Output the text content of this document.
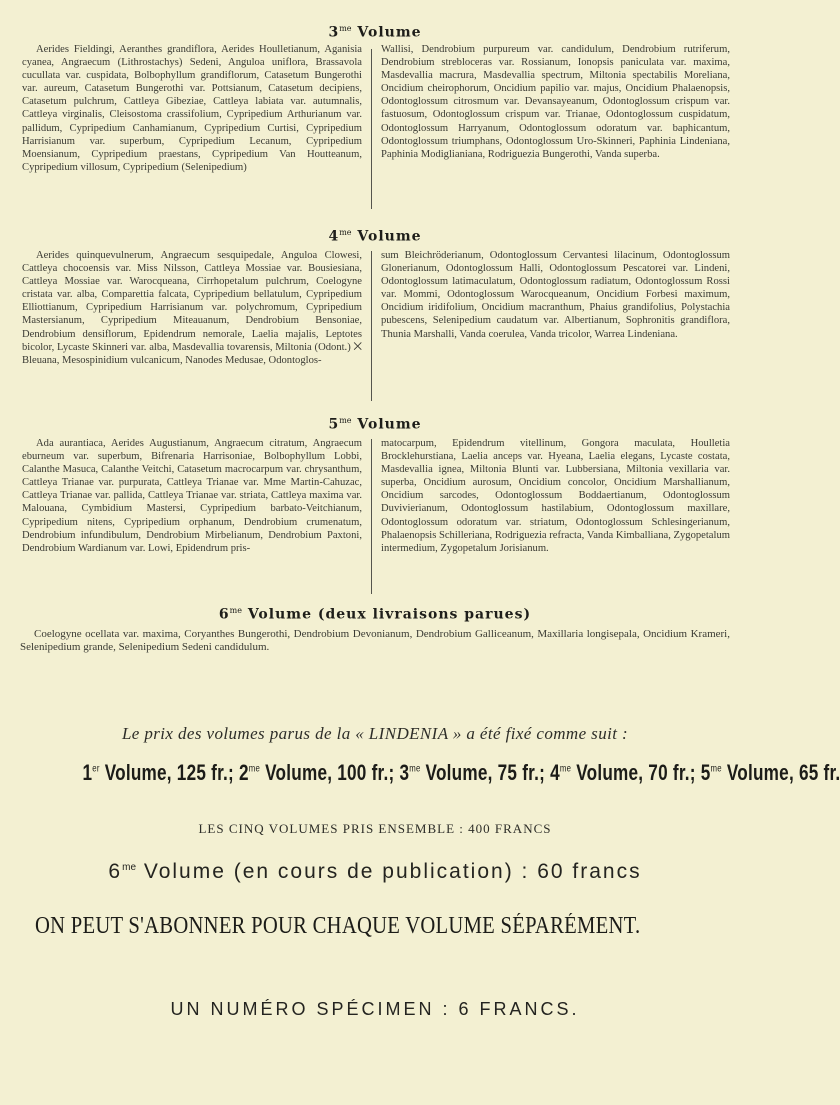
$3^{me}$ Volume
Aerides Fieldingi, Aeranthes grandiflora, Aerides Houlletianum, Aganisia cyanea, Angraecum (Lithrostachys) Sedeni, Anguloa uniflora, Brassavola cucullata var. cuspidata, Bolbophyllum grandiflorum, Catasetum Bungerothi var. aureum, Catasetum Bungerothi var. Pottsianum, Catasetum decipiens, Catasetum pulchrum, Cattleya Gibeziae, Cattleya labiata var. autumnalis, Cattleya virginalis, Cleisostoma crassifolium, Cypripedium Arthurianum var. pallidum, Cypripedium Canhamianum, Cypripedium Curtisi, Cypripedium Harrisianum var. superbum, Cypripedium Lecanum, Cypripedium Moensianum, Cypripedium praestans, Cypripedium Van Houtteanum, Cypripedium villosum, Cypripedium (Selenipedium)
Wallisi, Dendrobium purpureum var. candidulum, Dendrobium rutriferum, Dendrobium strebloceras var. Rossianum, Ionopsis paniculata var. maxima, Masdevallia macrura, Masdevallia spectrum, Miltonia spectabilis Moreliana, Oncidium cheirophorum, Oncidium papilio var. majus, Oncidium Phalaenopsis, Odontoglossum citrosmum var. Devansayeanum, Odontoglossum crispum var. fastuosum, Odontoglossum crispum var. Trianae, Odontoglossum cuspidatum, Odontoglossum Harryanum, Odontoglossum odoratum var. baphicantum, Odontoglossum triumphans, Odontoglossum Uro-Skinneri, Paphinia Lindeniana, Paphinia Modiglianiana, Rodriguezia Bungerothi, Vanda superba.
$4^{me}$ Volume
Aerides quinquevulnerum, Angraecum sesquipedale, Anguloa Clowesi, Cattleya chocoensis var. Miss Nilsson, Cattleya Mossiae var. Bousiesiana, Cattleya Mossiae var. Warocqueana, Cirrhopetalum pulchrum, Coelogyne cristata var. alba, Comparettia falcata, Cypripedium bellatulum, Cypripedium Elliottianum, Cypripedium Harrisianum var. polychromum, Cypripedium Mastersianum, Cypripedium Miteauanum, Dendrobium Bensoniae, Dendrobium densiflorum, Epidendrum nemorale, Laelia majalis, Leptotes bicolor, Lycaste Skinneri var. alba, Masdevallia tovarensis, Miltonia (Odont.) ⨉ Bleuana, Mesospinidium vulcanicum, Nanodes Medusae, Odontoglos-
sum Bleichröderianum, Odontoglossum Cervantesi lilacinum, Odontoglossum Glonerianum, Odontoglossum Halli, Odontoglossum Pescatorei var. Lindeni, Odontoglossum latimaculatum, Odontoglossum radiatum, Odontoglossum Rossi var. Mommi, Odontoglossum Warocqueanum, Oncidium Forbesi maximum, Oncidium iridifolium, Oncidium macranthum, Phaius grandifolius, Polystachia pubescens, Selenipedium caudatum var. Albertianum, Sophronitis grandiflora, Thunia Marshalli, Vanda coerulea, Vanda tricolor, Warrea Lindeniana.
$5^{me}$ Volume
Ada aurantiaca, Aerides Augustianum, Angraecum citratum, Angraecum eburneum var. superbum, Bifrenaria Harrisoniae, Bolbophyllum Lobbi, Calanthe Masuca, Calanthe Veitchi, Catasetum macrocarpum var. chrysanthum, Cattleya Trianae var. purpurata, Cattleya Trianae var. Mme Martin-Cahuzac, Cattleya Trianae var. pallida, Cattleya Trianae var. striata, Cattleya maxima var. Malouana, Cymbidium Mastersi, Cypripedium barbato-Veitchianum, Cypripedium nitens, Cypripedium orphanum, Dendrobium crumenatum, Dendrobium infundibulum, Dendrobium Mirbelianum, Dendrobium Paxtoni, Dendrobium Wardianum var. Lowi, Epidendrum pris-
matocarpum, Epidendrum vitellinum, Gongora maculata, Houlletia Brocklehurstiana, Laelia anceps var. Hyeana, Laelia elegans, Lycaste costata, Masdevallia ignea, Miltonia Blunti var. Lubbersiana, Miltonia vexillaria var. superba, Oncidium aurosum, Oncidium concolor, Oncidium Marshallianum, Oncidium sarcodes, Odontoglossum Boddaertianum, Odontoglossum Duvivierianum, Odontoglossum hastilabium, Odontoglossum maxillare, Odontoglossum odoratum var. striatum, Odontoglossum Schlesingerianum, Phalaenopsis Schilleriana, Rodriguezia refracta, Vanda Kimballiana, Zygopetalum intermedium, Zygopetalum Jorisianum.
$6^{me}$ Volume (deux livraisons parues)
Coelogyne ocellata var. maxima, Coryanthes Bungerothi, Dendrobium Devonianum, Dendrobium Galliceanum, Maxillaria longisepala, Oncidium Krameri, Selenipedium grande, Selenipedium Sedeni candidulum.
Le prix des volumes parus de la « LINDENIA » a été fixé comme suit :
1er Volume, 125 fr.; $2^{me}$ Volume, 100 fr.; $3^{me}$ Volume, 75 fr.; $4^{me}$ Volume, 70 fr.; $5^{me}$ Volume, 65 fr.
LES CINQ VOLUMES PRIS ENSEMBLE : 400 FRANCS
$6^{me}$ Volume (en cours de publication) : 60 francs
ON PEUT S'ABONNER POUR CHAQUE VOLUME SÉPARÉMENT.
UN NUMÉRO SPÉCIMEN : 6 FRANCS.
